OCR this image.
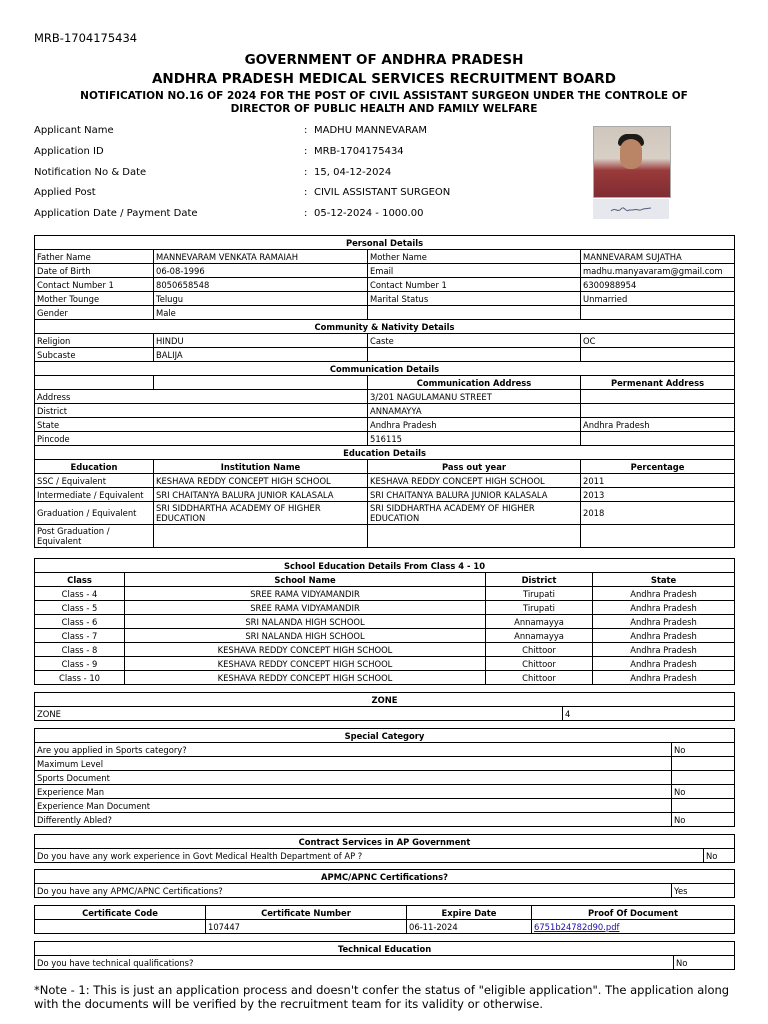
MRB-1704175434
GOVERNMENT OF ANDHRA PRADESH
ANDHRA PRADESH MEDICAL SERVICES RECRUITMENT BOARD
NOTIFICATION NO.16 OF 2024 FOR THE POST OF CIVIL ASSISTANT SURGEON UNDER THE CONTROLE OF DIRECTOR OF PUBLIC HEALTH AND FAMILY WELFARE
Applicant Name	: MADHU MANNEVARAM
Application ID	: MRB-1704175434
Notification No & Date	: 15, 04-12-2024
Applied Post	: CIVIL ASSISTANT SURGEON
Application Date / Payment Date	: 05-12-2024 - 1000.00
Personal Details			
Father Name	MANNEVARAM VENKATA RAMAIAH	Mother Name	MANNEVARAM SUJATHA
Date of Birth	06-08-1996	Email	madhu.manyavaram@gmail.com
Contact Number 1	8050658548	Contact Number 1	6300988954
Mother Tounge	Telugu	Marital Status	Unmarried
Gender	Male		
Community & Nativity Details			
Religion	HINDU	Caste	OC
Subcaste	BALIJA		
Communication Details			
		Communication Address	Permenant Address
Address		3/201 NAGULAMANU STREET	
District		ANNAMAYYA	
State		Andhra Pradesh	Andhra Pradesh
Pincode		516115	
Education Details			
Education	Institution Name	Pass out year	Percentage
SSC / Equivalent	KESHAVA REDDY CONCEPT HIGH SCHOOL	KESHAVA REDDY CONCEPT HIGH SCHOOL	2011
Intermediate / Equivalent	SRI CHAITANYA BALURA JUNIOR KALASALA	SRI CHAITANYA BALURA JUNIOR KALASALA	2013
Graduation / Equivalent	SRI SIDDHARTHA ACADEMY OF HIGHER EDUCATION	SRI SIDDHARTHA ACADEMY OF HIGHER EDUCATION	2018
Post Graduation / Equivalent			
School Education Details From Class 4 - 10			
Class	School Name	District	State
Class - 4	SREE RAMA VIDYAMANDIR	Tirupati	Andhra Pradesh
Class - 5	SREE RAMA VIDYAMANDIR	Tirupati	Andhra Pradesh
Class - 6	SRI NALANDA HIGH SCHOOL	Annamayya	Andhra Pradesh
Class - 7	SRI NALANDA HIGH SCHOOL	Annamayya	Andhra Pradesh
Class - 8	KESHAVA REDDY CONCEPT HIGH SCHOOL	Chittoor	Andhra Pradesh
Class - 9	KESHAVA REDDY CONCEPT HIGH SCHOOL	Chittoor	Andhra Pradesh
Class - 10	KESHAVA REDDY CONCEPT HIGH SCHOOL	Chittoor	Andhra Pradesh
ZONE
ZONE	4
Special Category	
Are you applied in Sports category?	No
Maximum Level	
Sports Document	
Experience Man	No
Experience Man Document	
Differently Abled?	No
Contract Services in AP Government
Do you have any work experience in Govt Medical Health Department of AP ?	No
APMC/APNC Certifications?
Do you have any APMC/APNC Certifications?	Yes
Certificate Code	Certificate Number	Expire Date	Proof Of Document
	107447	06-11-2024	6751b24782d90.pdf
Technical Education
Do you have technical qualifications?	No
*Note - 1: This is just an application process and doesn't confer the status of "eligible application". The application along with the documents will be verified by the recruitment team for its validity or otherwise.
